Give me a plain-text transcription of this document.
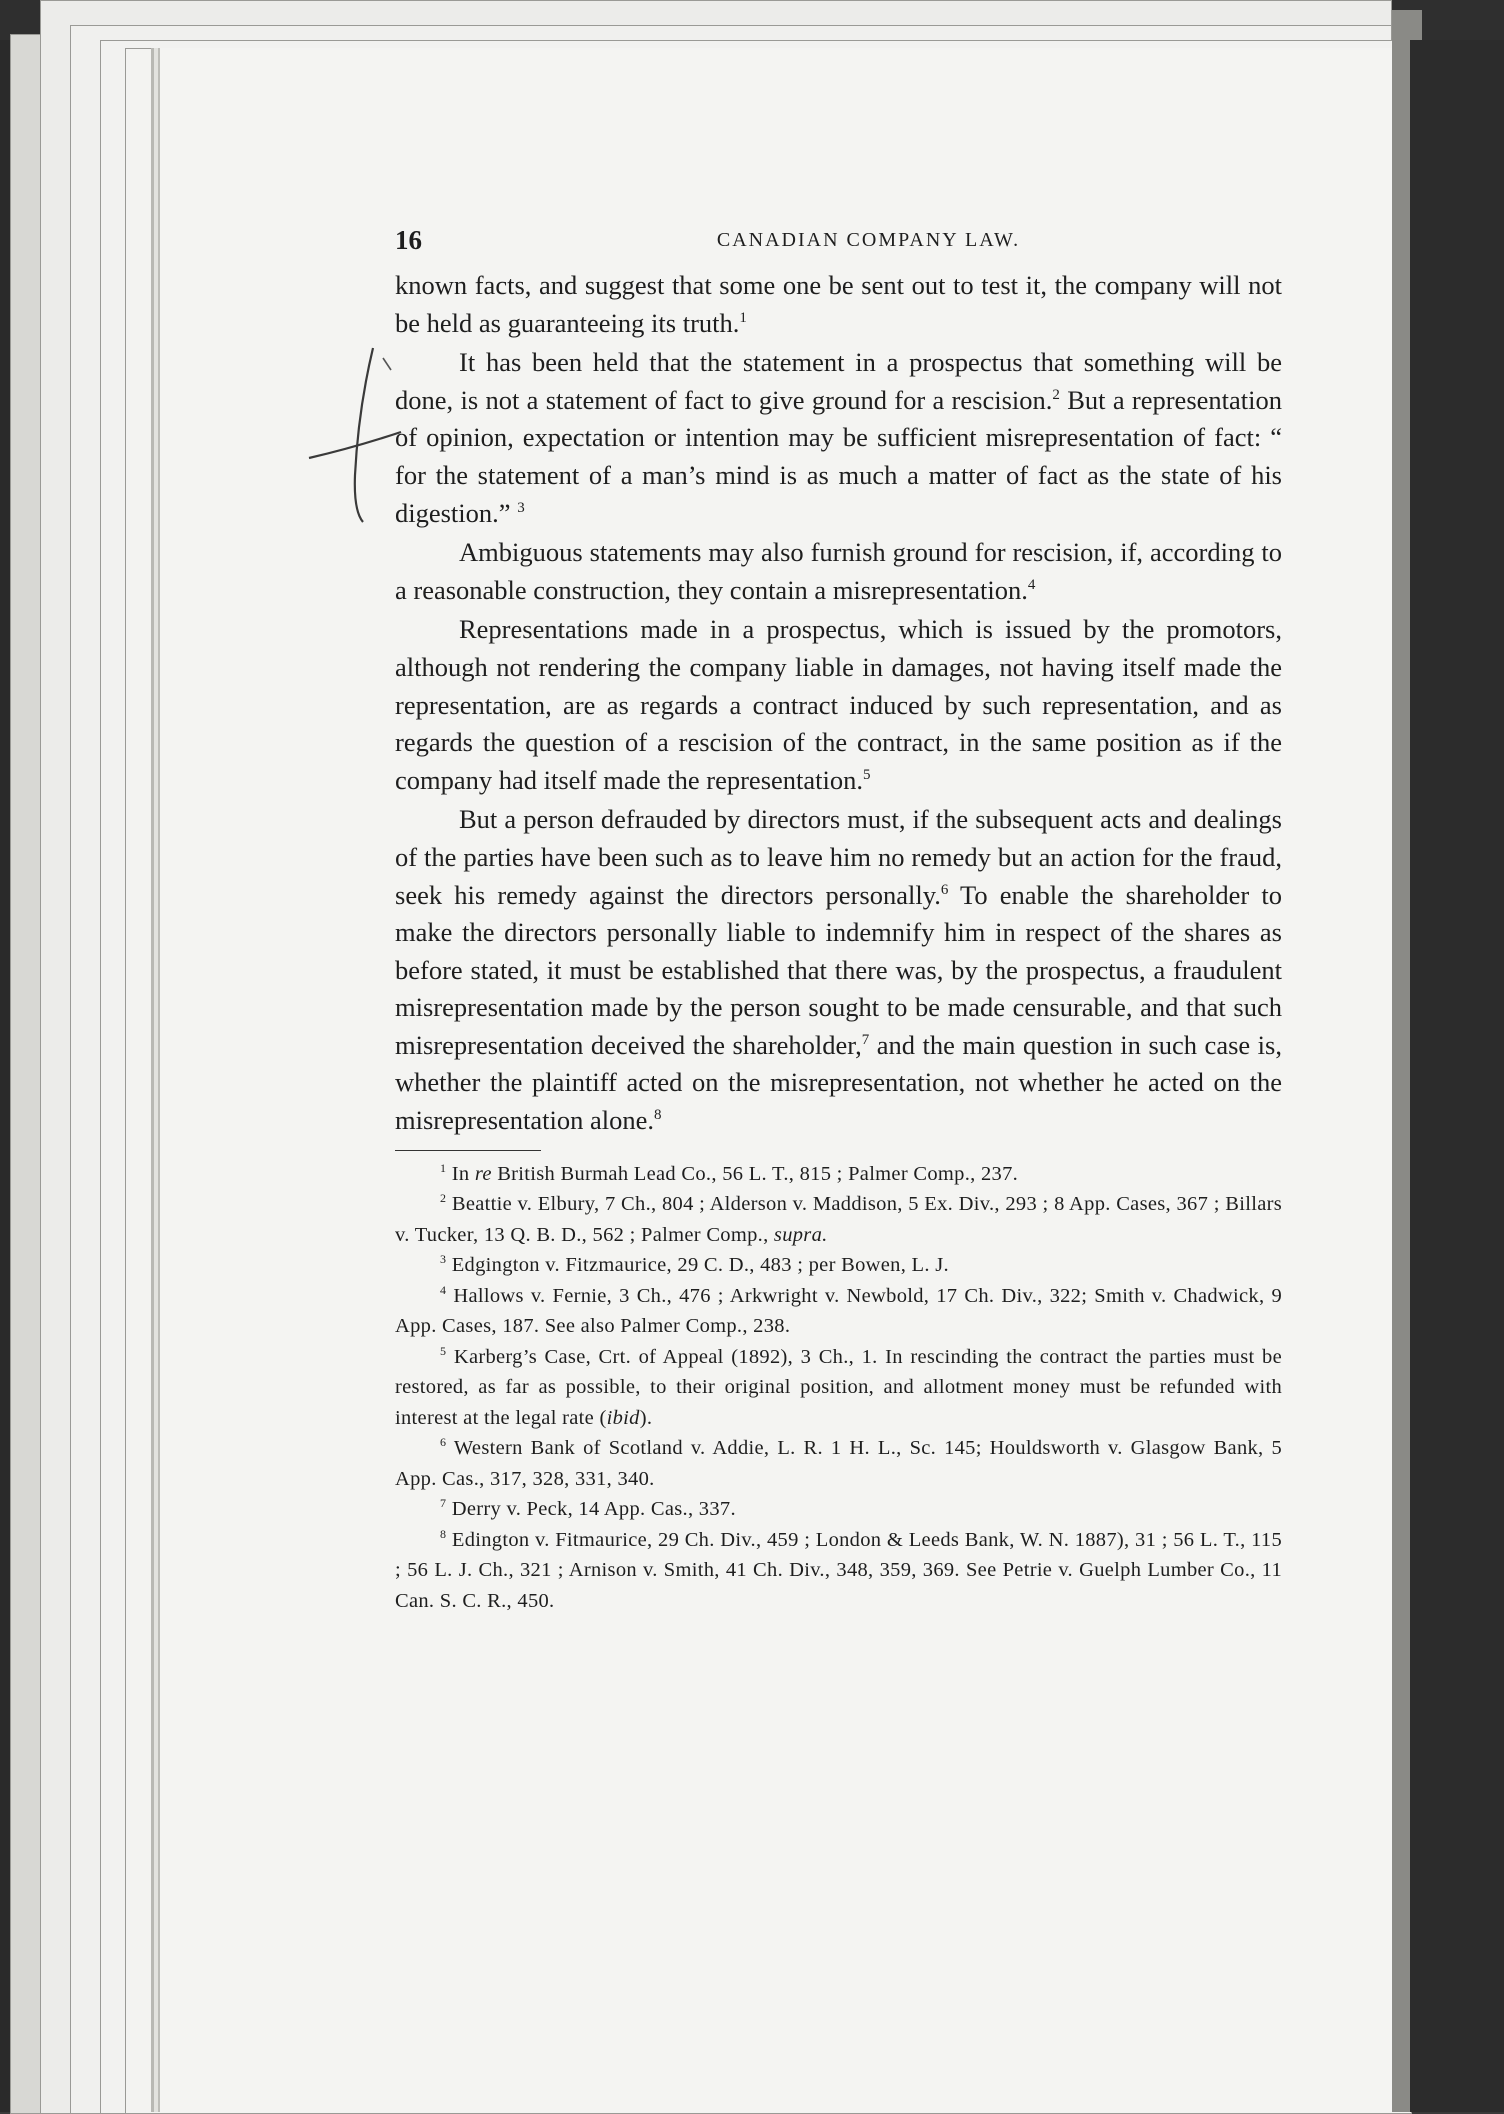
16	CANADIAN COMPANY LAW.

known facts, and suggest that some one be sent out to test it, the company will not be held as guaranteeing its truth.$^1$

It has been held that the statement in a prospectus that something will be done, is not a statement of fact to give ground for a rescision.$^2$ But a representation of opinion, expectation or intention may be sufficient misrepresentation of fact: “ for the statement of a man’s mind is as much a matter of fact as the state of his digestion.” $^3$

Ambiguous statements may also furnish ground for rescision, if, according to a reasonable construction, they contain a misrepresentation.$^4$

Representations made in a prospectus, which is issued by the promotors, although not rendering the company liable in damages, not having itself made the representation, are as regards a contract induced by such representation, and as regards the question of a rescision of the contract, in the same position as if the company had itself made the representation.$^5$

But a person defrauded by directors must, if the subsequent acts and dealings of the parties have been such as to leave him no remedy but an action for the fraud, seek his remedy against the directors personally.$^6$ To enable the shareholder to make the directors personally liable to indemnify him in respect of the shares as before stated, it must be established that there was, by the prospectus, a fraudulent misrepresentation made by the person sought to be made censurable, and that such misrepresentation deceived the shareholder,$^7$ and the main question in such case is, whether the plaintiff acted on the misrepresentation, not whether he acted on the misrepresentation alone.$^8$

$^1$ In re British Burmah Lead Co., 56 L. T., 815 ; Palmer Comp., 237.

$^2$ Beattie v. Elbury, 7 Ch., 804 ; Alderson v. Maddison, 5 Ex. Div., 293 ; 8 App. Cases, 367 ; Billars v. Tucker, 13 Q. B. D., 562 ; Palmer Comp., supra.

$^3$ Edgington v. Fitzmaurice, 29 C. D., 483 ; per Bowen, L. J.

$^4$ Hallows v. Fernie, 3 Ch., 476 ; Arkwright v. Newbold, 17 Ch. Div., 322; Smith v. Chadwick, 9 App. Cases, 187. See also Palmer Comp., 238.

$^5$ Karberg’s Case, Crt. of Appeal (1892), 3 Ch., 1. In rescinding the contract the parties must be restored, as far as possible, to their original position, and allotment money must be refunded with interest at the legal rate (ibid).

$^6$ Western Bank of Scotland v. Addie, L. R. 1 H. L., Sc. 145; Houldsworth v. Glasgow Bank, 5 App. Cas., 317, 328, 331, 340.

$^7$ Derry v. Peck, 14 App. Cas., 337.

$^8$ Edington v. Fitmaurice, 29 Ch. Div., 459 ; London & Leeds Bank, W. N. 1887), 31 ; 56 L. T., 115 ; 56 L. J. Ch., 321 ; Arnison v. Smith, 41 Ch. Div., 348, 359, 369. See Petrie v. Guelph Lumber Co., 11 Can. S. C. R., 450.
